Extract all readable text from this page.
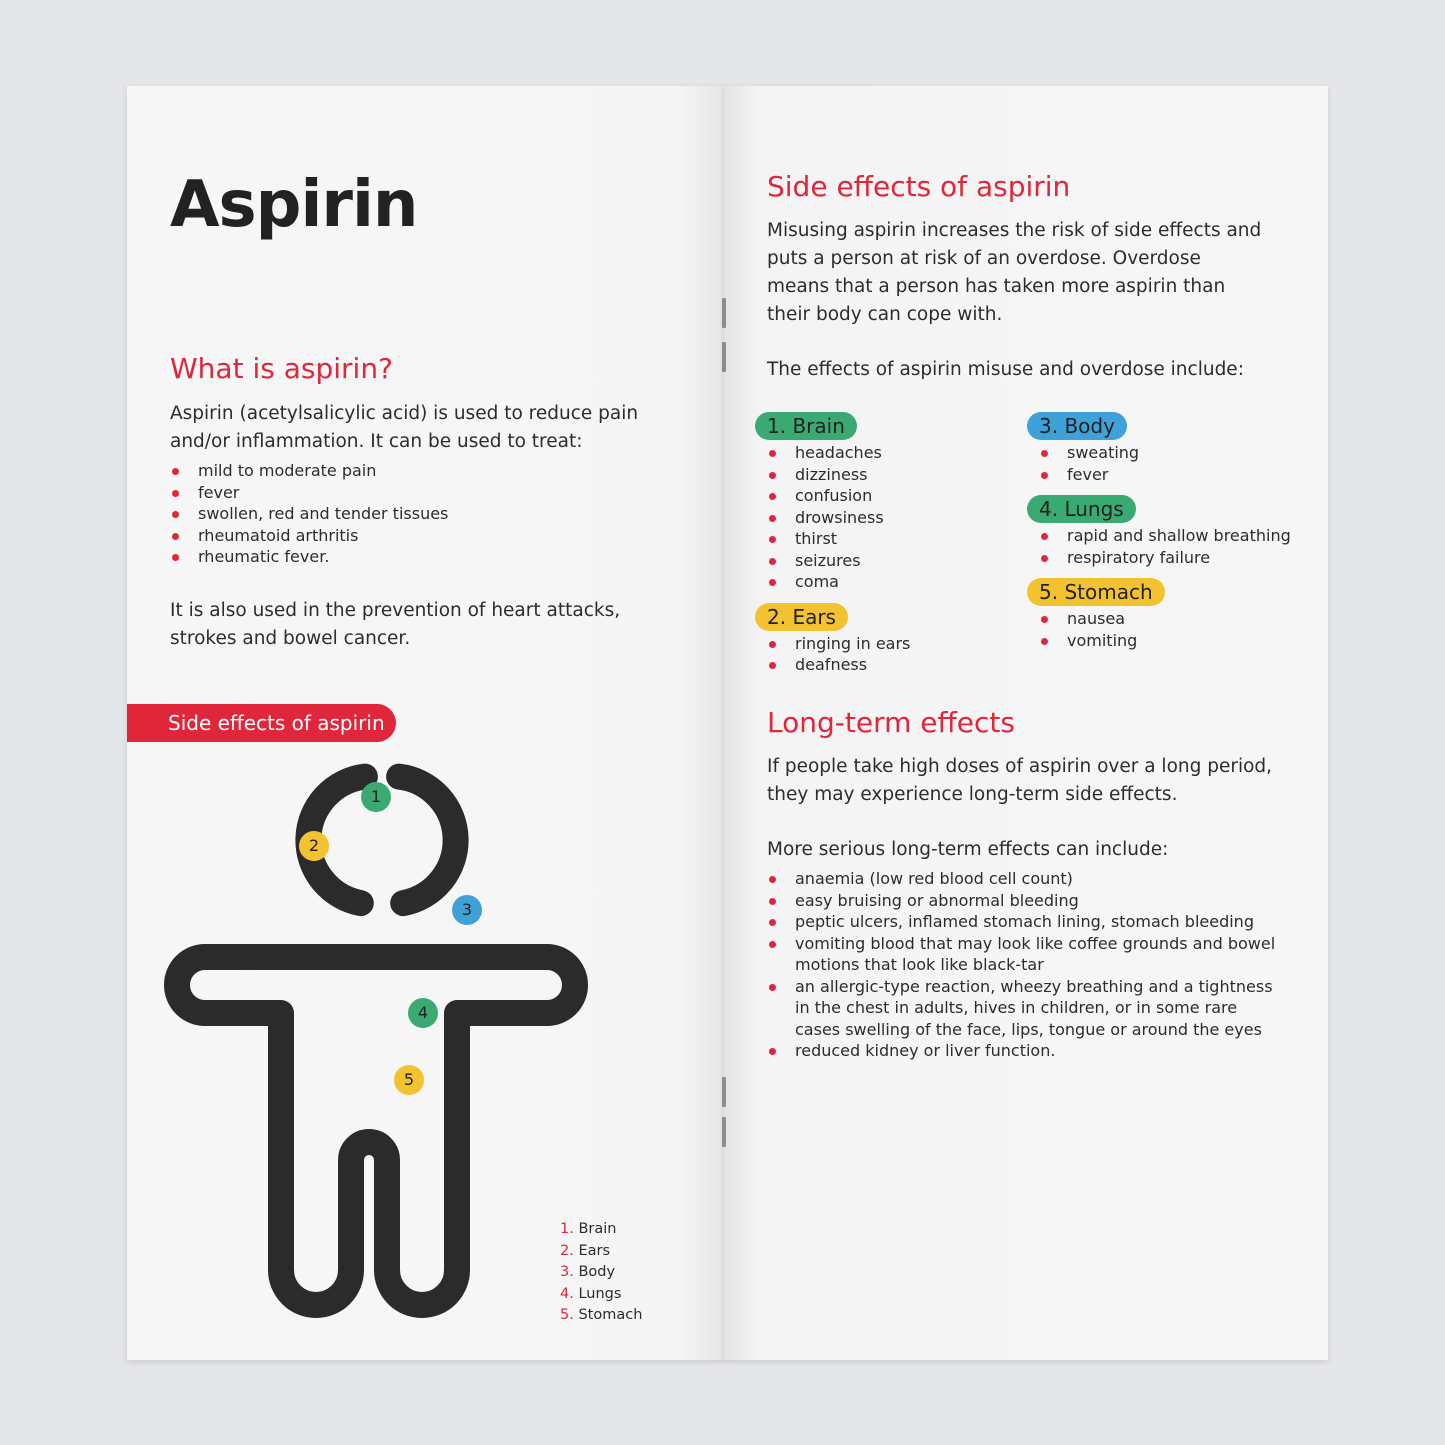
Aspirin
What is aspirin?

Aspirin (acetylsalicylic acid) is used to reduce pain and/or inflammation. It can be used to treat:

mild to moderate pain
fever
swollen, red and tender tissues
rheumatoid arthritis
rheumatic fever.

It is also used in the prevention of heart attacks, strokes and bowel cancer.

Side effects of aspirin
1
2
3
4
5
1. Brain
2. Ears
3. Body
4. Lungs
5. Stomach
Side effects of aspirin

Misusing aspirin increases the risk of side effects and puts a person at risk of an overdose. Overdose means that a person has taken more aspirin than their body can cope with.

The effects of aspirin misuse and overdose include:

1. Brain
headaches
dizziness
confusion
drowsiness
thirst
seizures
coma
2. Ears
ringing in ears
deafness
3. Body
sweating
fever
4. Lungs
rapid and shallow breathing
respiratory failure
5. Stomach
nausea
vomiting
Long-term effects

If people take high doses of aspirin over a long period, they may experience long-term side effects.

More serious long-term effects can include:

anaemia (low red blood cell count)
easy bruising or abnormal bleeding
peptic ulcers, inflamed stomach lining, stomach bleeding
vomiting blood that may look like coffee grounds and bowel motions that look like black-tar
an allergic-type reaction, wheezy breathing and a tightness in the chest in adults, hives in children, or in some rare cases swelling of the face, lips, tongue or around the eyes
reduced kidney or liver function.
